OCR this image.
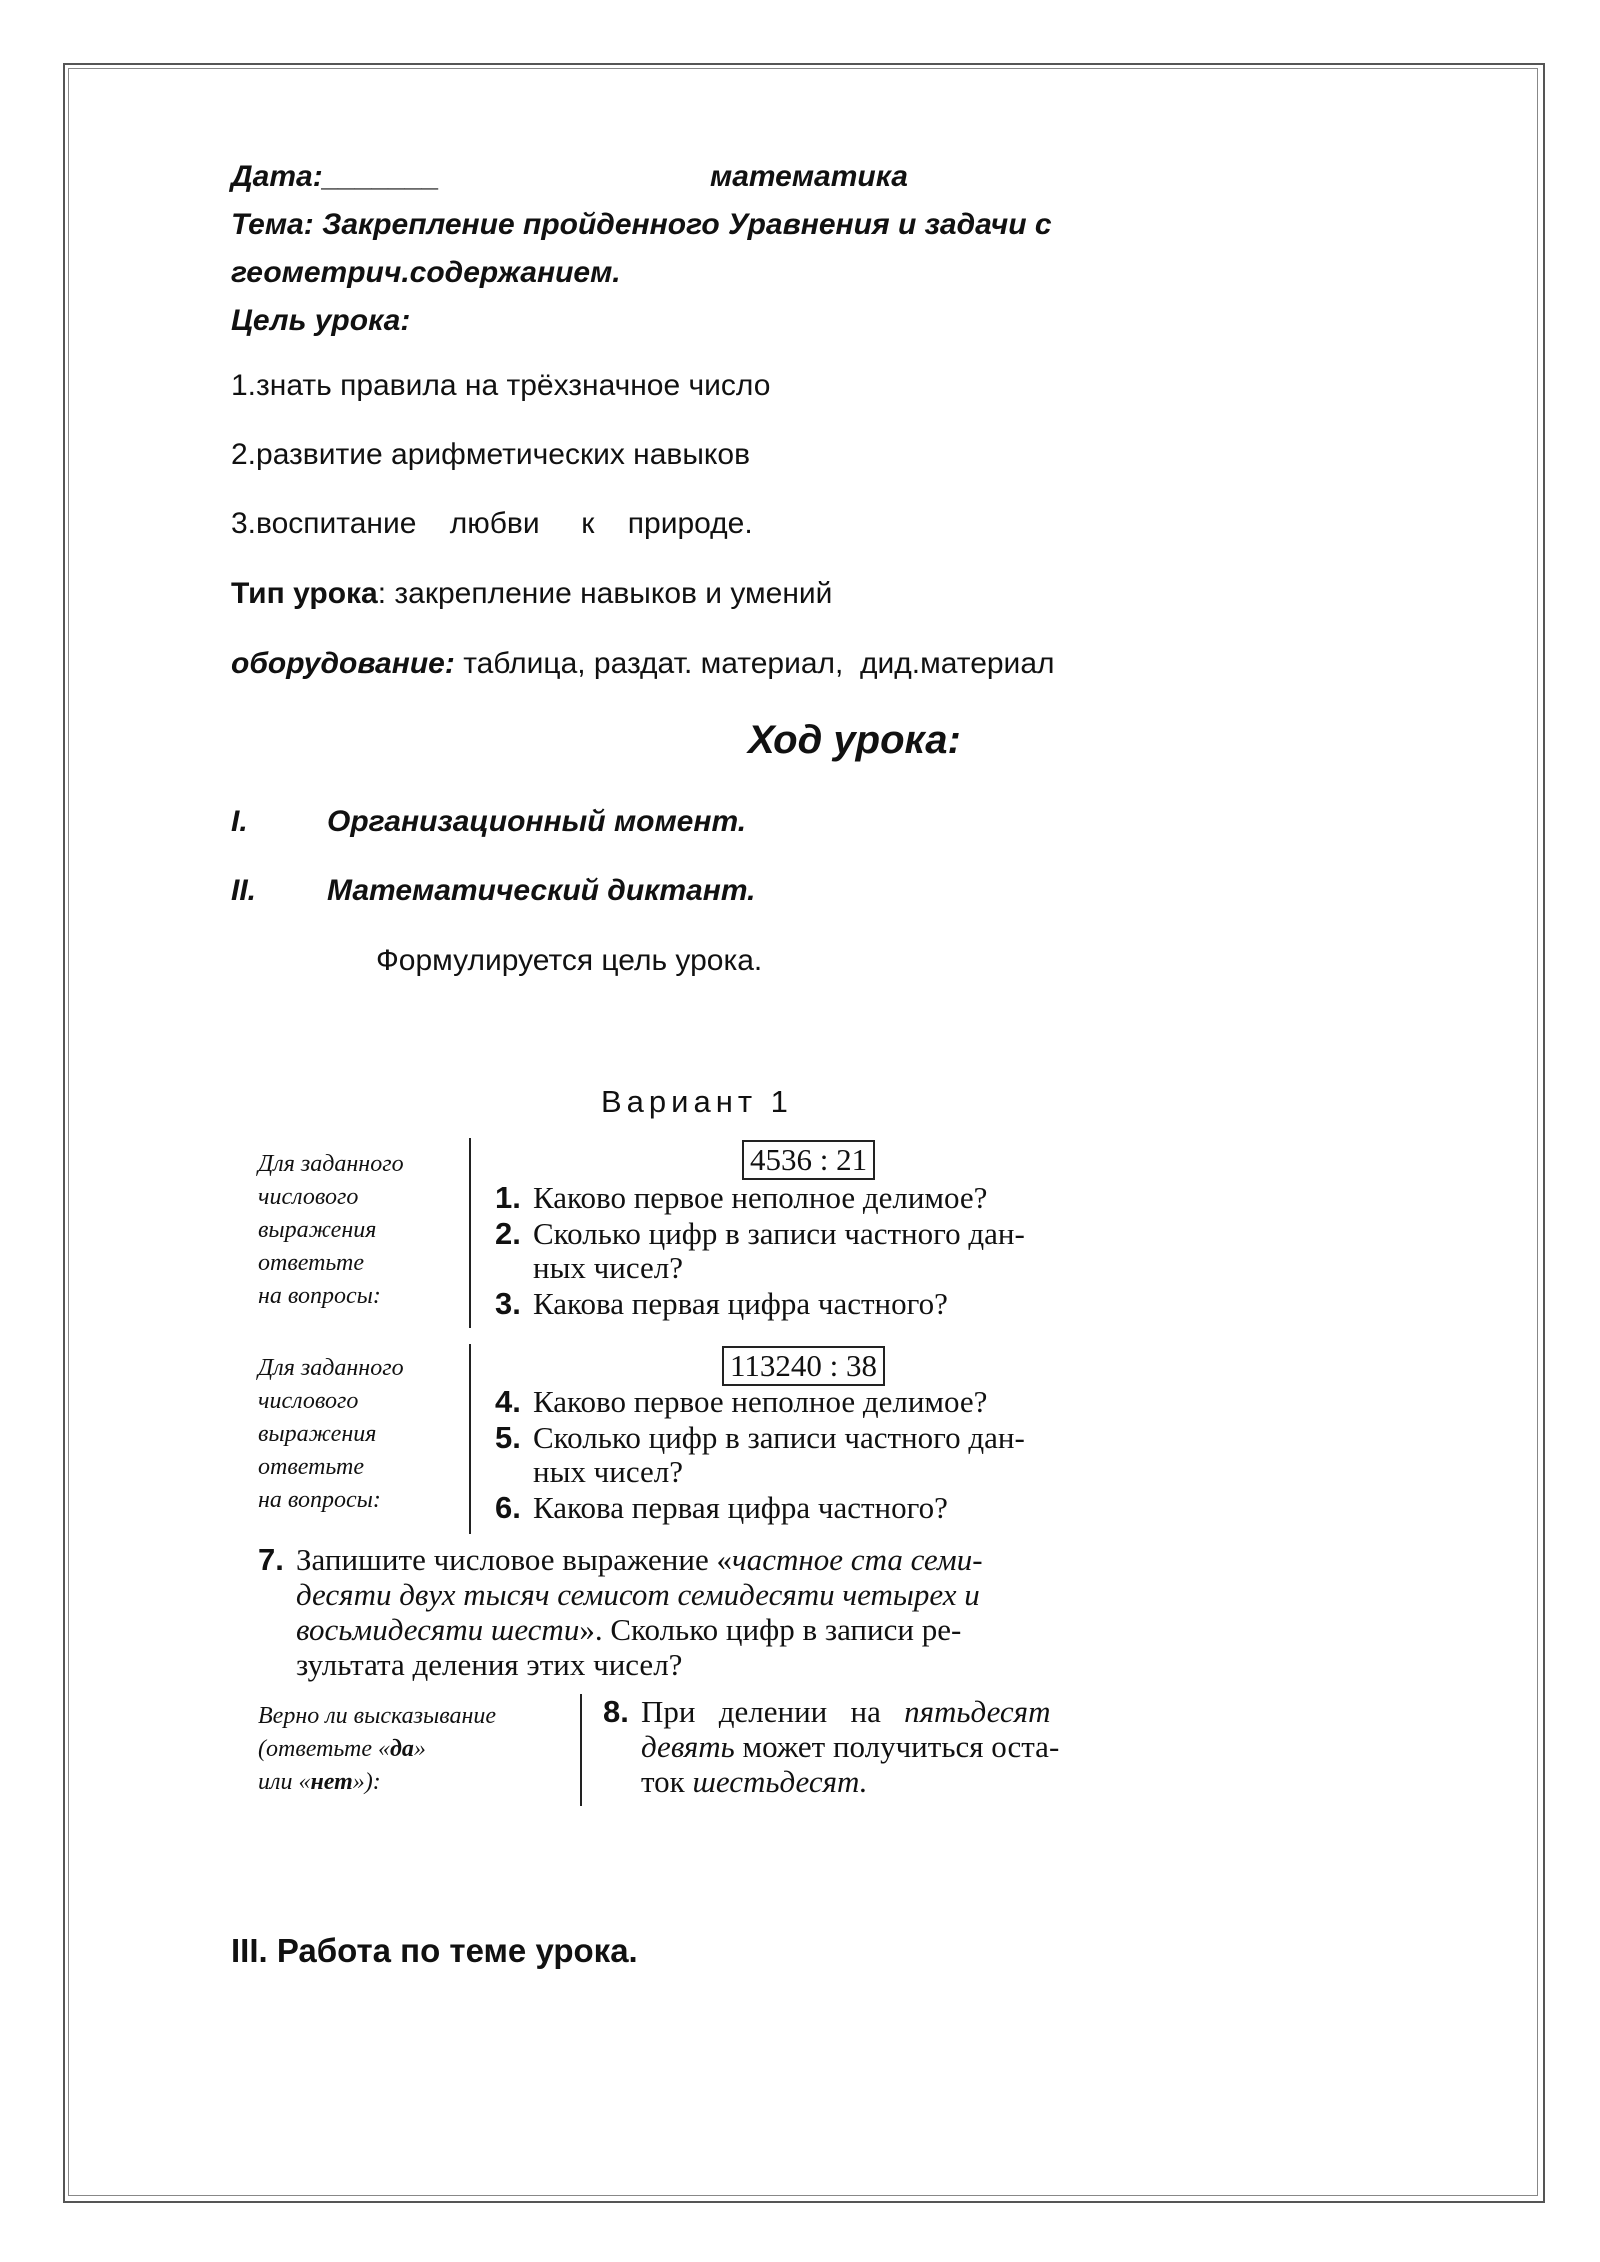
Дата:_______	математика
Тема: Закрепление пройденного Уравнения и задачи с
геометрич.содержанием.
Цель урока:
1.знать правила на трёхзначное число
2.развитие арифметических навыков
3.воспитание    любви     к    природе.
Тип урока: закрепление навыков и умений
оборудование: таблица, раздат. материал,  дид.материал
Ход урока:
I.	Организационный момент.
II. Математический диктант.
Формулируется цель урока.
Вариант 1
Для заданного
числового
выражения
ответьте
на вопросы:
4536 : 21
1. Каково первое неполное делимое?
2. Сколько цифр в записи частного дан-
ных чисел?
3. Какова первая цифра частного?
Для заданного
числового
выражения
ответьте
на вопросы:
113240 : 38
4. Каково первое неполное делимое?
5. Сколько цифр в записи частного дан-
ных чисел?
6. Какова первая цифра частного?
7. Запишите числовое выражение «частное ста семи-
десяти двух тысяч семисот семидесяти четырех и
восьмидесяти шести». Сколько цифр в записи ре-
зультата деления этих чисел?
Верно ли высказывание
(ответьте «да»
или «нет»):
8. При   делении   на   пятьдесят
девять может получиться оста-
ток шестьдесят.
III. Работа по теме урока.
